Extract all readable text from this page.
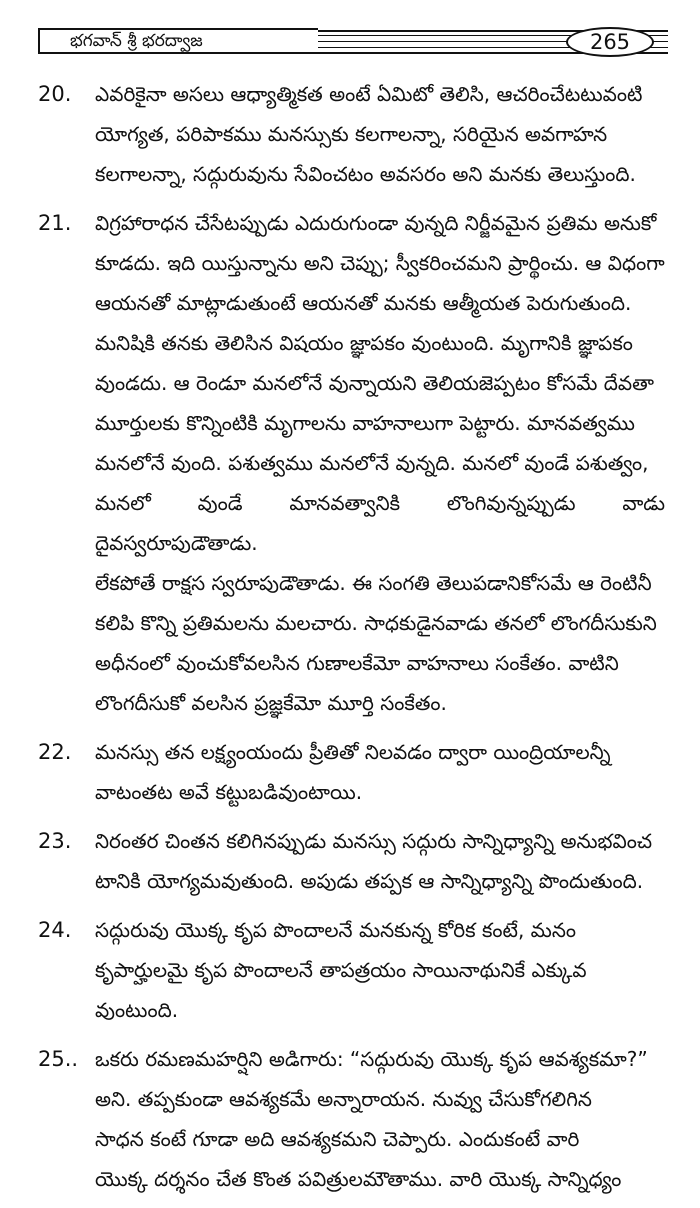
భగవాన్ శ్రీ భరద్వాజ	265
20. ఎవరికైనా అసలు ఆధ్యాత్మికత అంటే ఏమిటో తెలిసి, ఆచరించేటటువంటి
యోగ్యత, పరిపాకము మనస్సుకు కలగాలన్నా, సరియైన అవగాహన
కలగాలన్నా, సద్గురువును సేవించటం అవసరం అని మనకు తెలుస్తుంది.
21. విగ్రహారాధన చేసేటప్పుడు ఎదురుగుండా వున్నది నిర్జీవమైన ప్రతిమ అనుకో
కూడదు. ఇది యిస్తున్నాను అని చెప్పు; స్వీకరించమని ప్రార్థించు. ఆ విధంగా
ఆయనతో మాట్లాడుతుంటే ఆయనతో మనకు ఆత్మీయత పెరుగుతుంది.
మనిషికి తనకు తెలిసిన విషయం జ్ఞాపకం వుంటుంది. మృగానికి జ్ఞాపకం
వుండదు. ఆ రెండూ మనలోనే వున్నాయని తెలియజెప్పటం కోసమే దేవతా
మూర్తులకు కొన్నింటికి మృగాలను వాహనాలుగా పెట్టారు. మానవత్వము
మనలోనే వుంది. పశుత్వము మనలోనే వున్నది. మనలో వుండే పశుత్వం,
మనలో వుండే మానవత్వానికి లొంగివున్నప్పుడు వాడు దైవస్వరూపుడౌతాడు.
లేకపోతే రాక్షస స్వరూపుడౌతాడు. ఈ సంగతి తెలుపడానికోసమే ఆ రెంటినీ
కలిపి కొన్ని ప్రతిమలను మలచారు. సాధకుడైనవాడు తనలో లొంగదీసుకుని
అధీనంలో వుంచుకోవలసిన గుణాలకేమో వాహనాలు సంకేతం. వాటిని
లొంగదీసుకో వలసిన ప్రజ్ఞకేమో మూర్తి సంకేతం.
22. మనస్సు తన లక్ష్యంయందు ప్రీతితో నిలవడం ద్వారా యింద్రియాలన్నీ
వాటంతట అవే కట్టుబడివుంటాయి.
23. నిరంతర చింతన కలిగినప్పుడు మనస్సు సద్గురు సాన్నిధ్యాన్ని అనుభవించ
టానికి యోగ్యమవుతుంది. అపుడు తప్పక ఆ సాన్నిధ్యాన్ని పొందుతుంది.
24. సద్గురువు యొక్క కృప పొందాలనే మనకున్న కోరిక కంటే, మనం
కృపార్హులమై కృప పొందాలనే తాపత్రయం సాయినాథునికే ఎక్కువ
వుంటుంది.
25.. ఒకరు రమణమహర్షిని అడిగారు: “సద్గురువు యొక్క కృప ఆవశ్యకమా?”
అని. తప్పకుండా ఆవశ్యకమే అన్నారాయన. నువ్వు చేసుకోగలిగిన
సాధన కంటే గూడా అది ఆవశ్యకమని చెప్పారు. ఎందుకంటే వారి
యొక్క దర్శనం చేత కొంత పవిత్రులమౌతాము. వారి యొక్క సాన్నిధ్యం
